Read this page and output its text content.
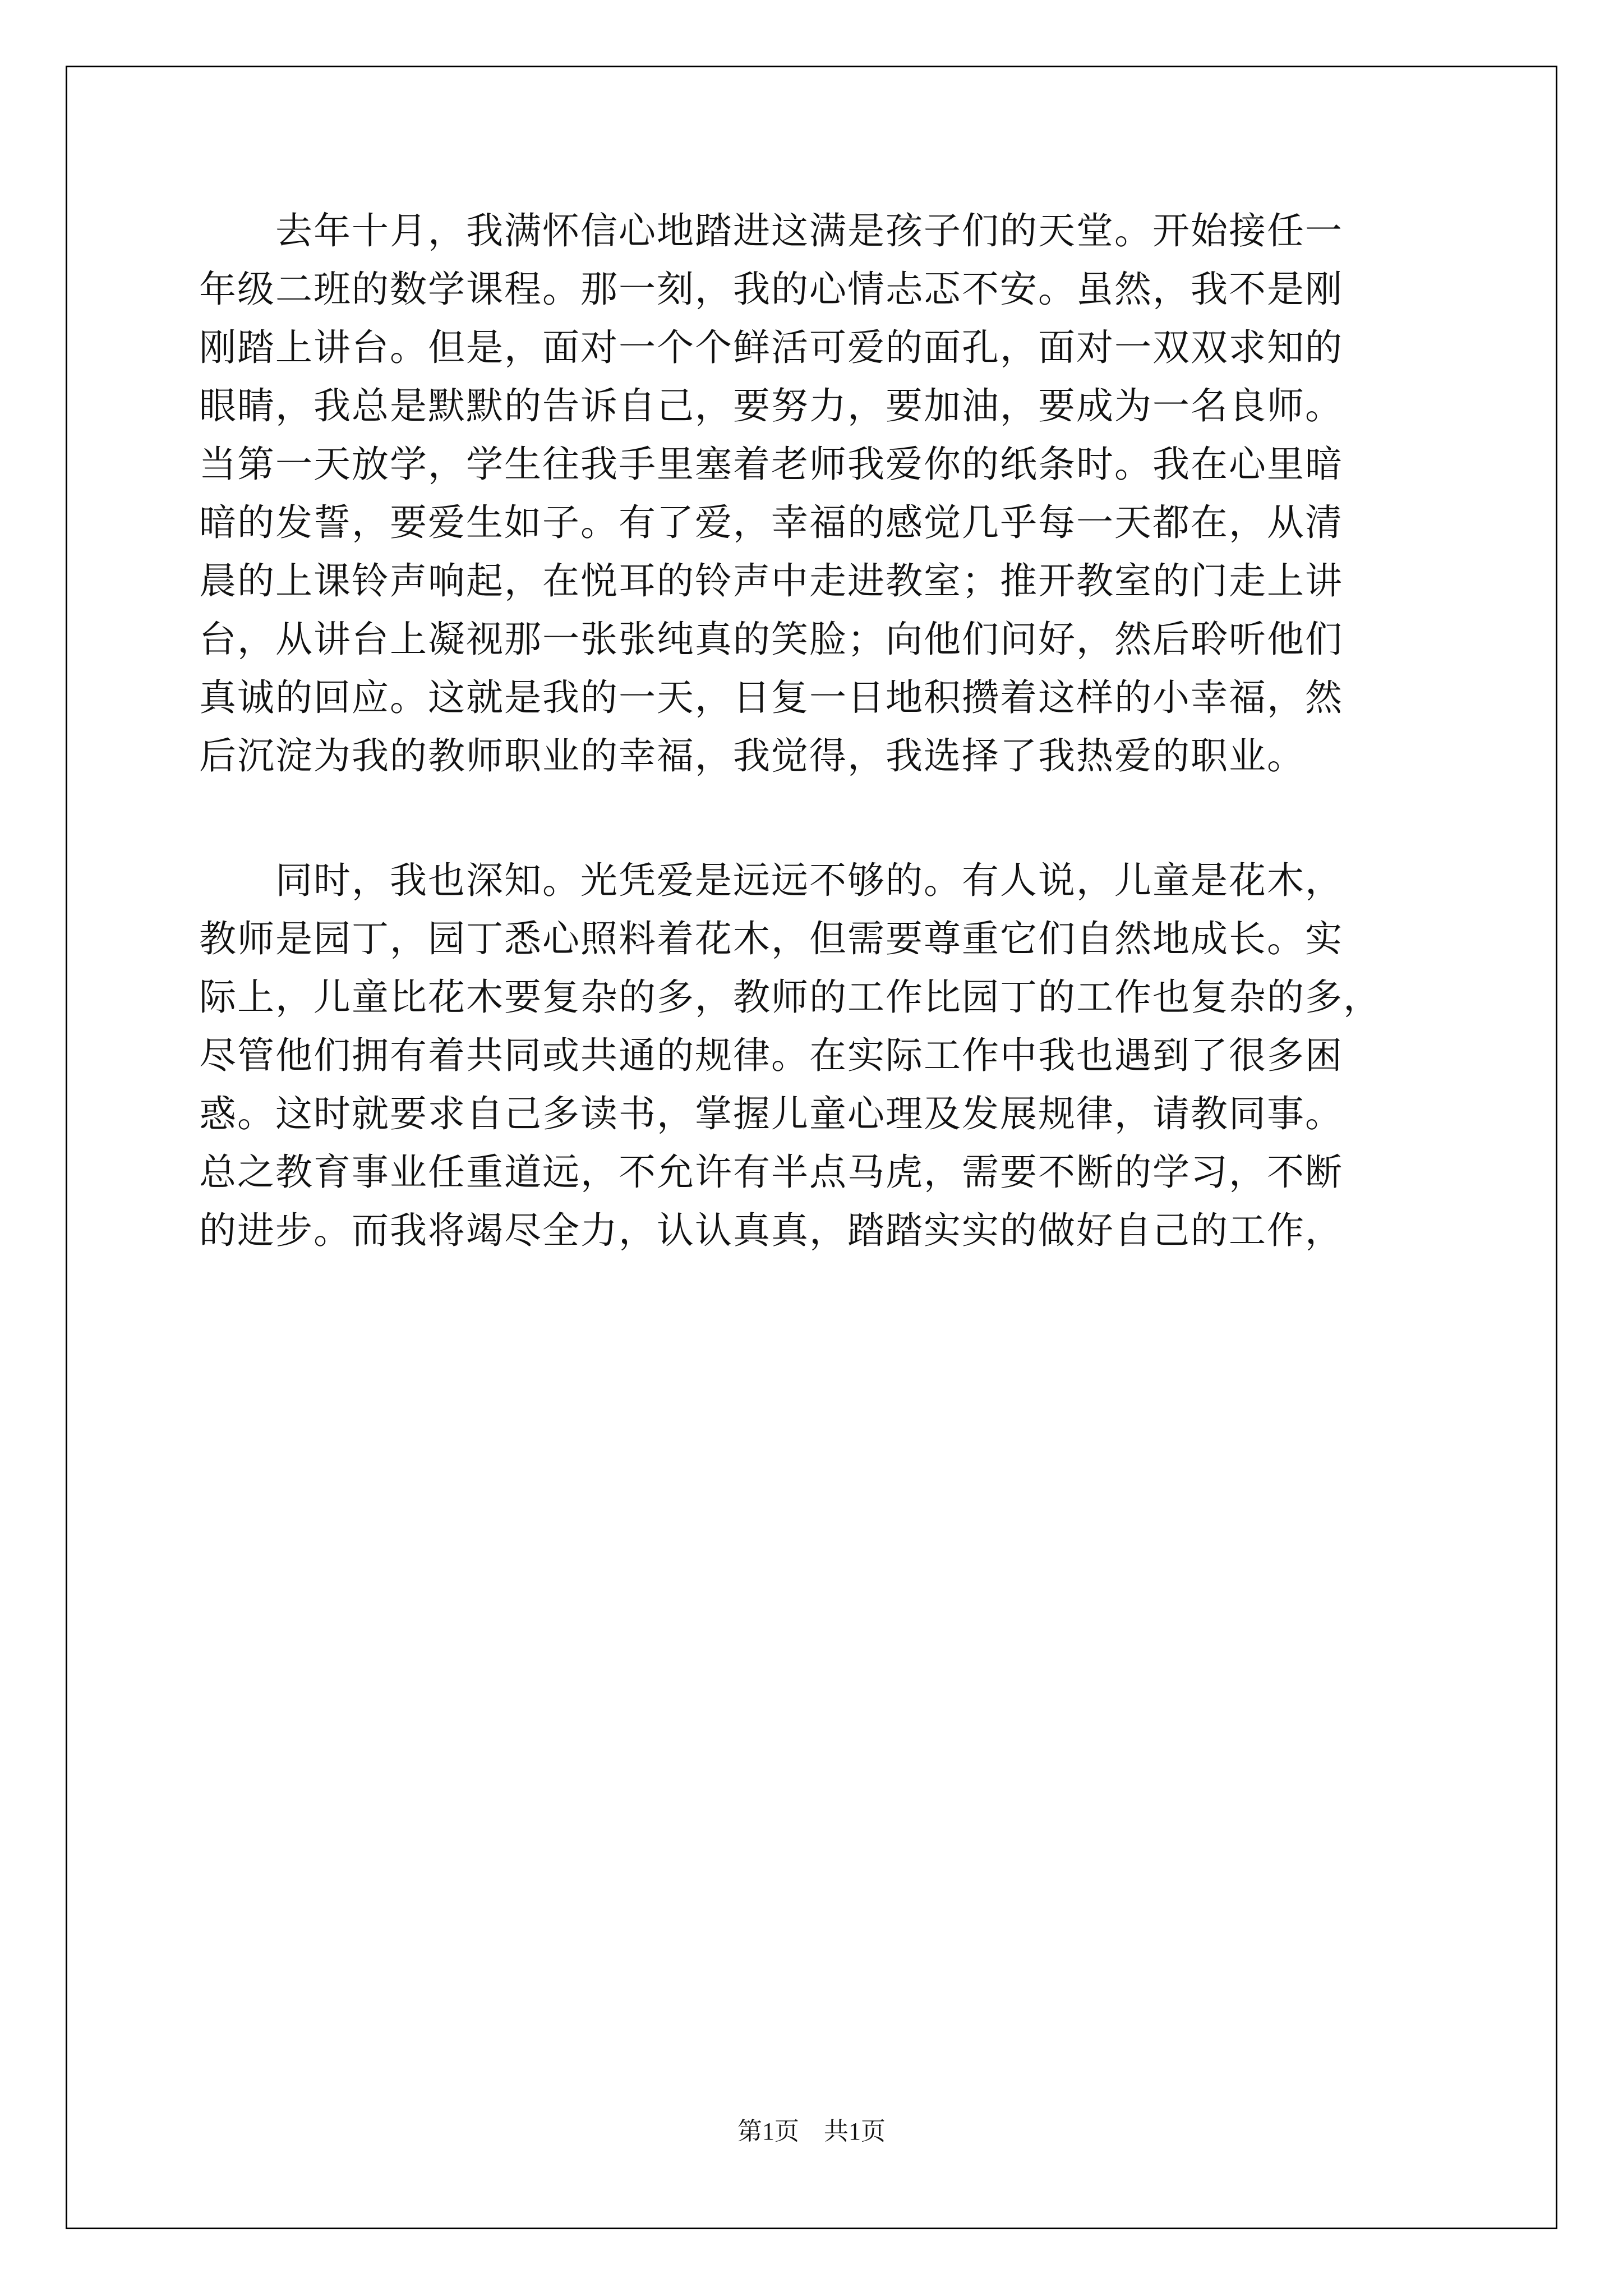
　　去年十月，我满怀信心地踏进这满是孩子们的天堂。开始接任一
年级二班的数学课程。那一刻，我的心情忐忑不安。虽然，我不是刚
刚踏上讲台。但是，面对一个个鲜活可爱的面孔，面对一双双求知的
眼睛，我总是默默的告诉自己，要努力，要加油，要成为一名良师。
当第一天放学，学生往我手里塞着老师我爱你的纸条时。我在心里暗
暗的发誓，要爱生如子。有了爱，幸福的感觉几乎每一天都在，从清
晨的上课铃声响起，在悦耳的铃声中走进教室；推开教室的门走上讲
台，从讲台上凝视那一张张纯真的笑脸；向他们问好，然后聆听他们
真诚的回应。这就是我的一天，日复一日地积攒着这样的小幸福，然
后沉淀为我的教师职业的幸福，我觉得，我选择了我热爱的职业。
　　同时，我也深知。光凭爱是远远不够的。有人说，儿童是花木，
教师是园丁，园丁悉心照料着花木，但需要尊重它们自然地成长。实
际上，儿童比花木要复杂的多，教师的工作比园丁的工作也复杂的多，
尽管他们拥有着共同或共通的规律。在实际工作中我也遇到了很多困
惑。这时就要求自己多读书，掌握儿童心理及发展规律，请教同事。
总之教育事业任重道远，不允许有半点马虎，需要不断的学习，不断
的进步。而我将竭尽全力，认认真真，踏踏实实的做好自己的工作，
第1页　共1页
